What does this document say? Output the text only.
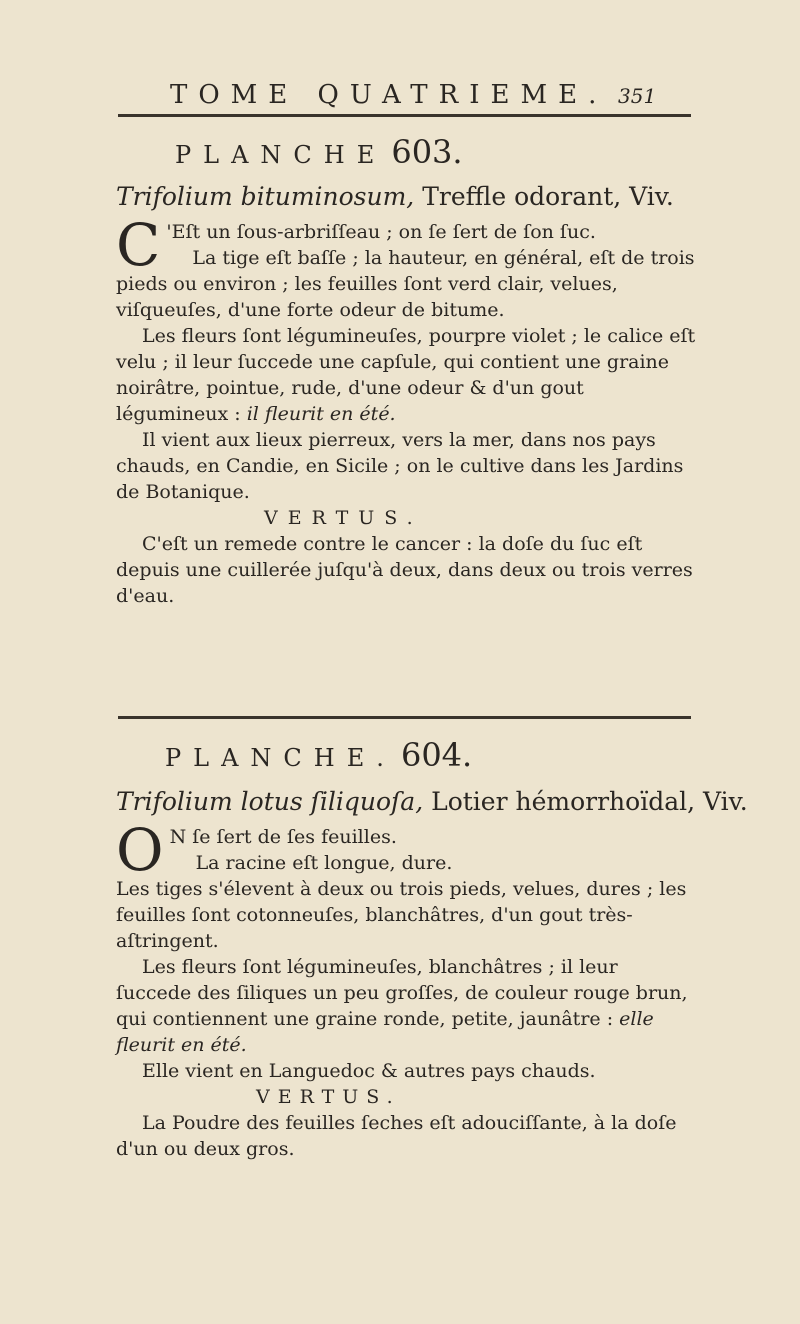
TOME QUATRIEME. 351
PLANCHE 603.
Trifolium bituminosum, Treffle odorant, Viv.

C 'Eſt un ſous-arbriſſeau ; on ſe ſert de ſon ſuc.

La tige eſt baſſe ; la hauteur, en général, eſt de trois pieds ou environ ; les feuilles ſont verd clair, velues, viſqueuſes, d'une forte odeur de bitume.

Les fleurs ſont légumineuſes, pourpre violet ; le calice eſt velu ; il leur ſuccede une capſule, qui contient une graine noirâtre, pointue, rude, d'une odeur & d'un gout légumineux : il fleurit en été.

Il vient aux lieux pierreux, vers la mer, dans nos pays chauds, en Candie, en Sicile ; on le cultive dans les Jardins de Botanique.

VERTUS.

C'eſt un remede contre le cancer : la doſe du ſuc eſt depuis une cuillerée juſqu'à deux, dans deux ou trois verres d'eau.

PLANCHE. 604.
Trifolium lotus ſiliquoſa, Lotier hémorrhoïdal, Viv.

O N ſe ſert de ſes feuilles.

La racine eſt longue, dure.

Les tiges s'élevent à deux ou trois pieds, velues, dures ; les feuilles ſont cotonneuſes, blanchâtres, d'un gout très-aſtringent.

Les fleurs ſont légumineuſes, blanchâtres ; il leur ſuccede des ſiliques un peu groſſes, de couleur rouge brun, qui contiennent une graine ronde, petite, jaunâtre : elle fleurit en été.

Elle vient en Languedoc & autres pays chauds.

VERTUS.

La Poudre des feuilles ſeches eſt adouciſſante, à la doſe d'un ou deux gros.
